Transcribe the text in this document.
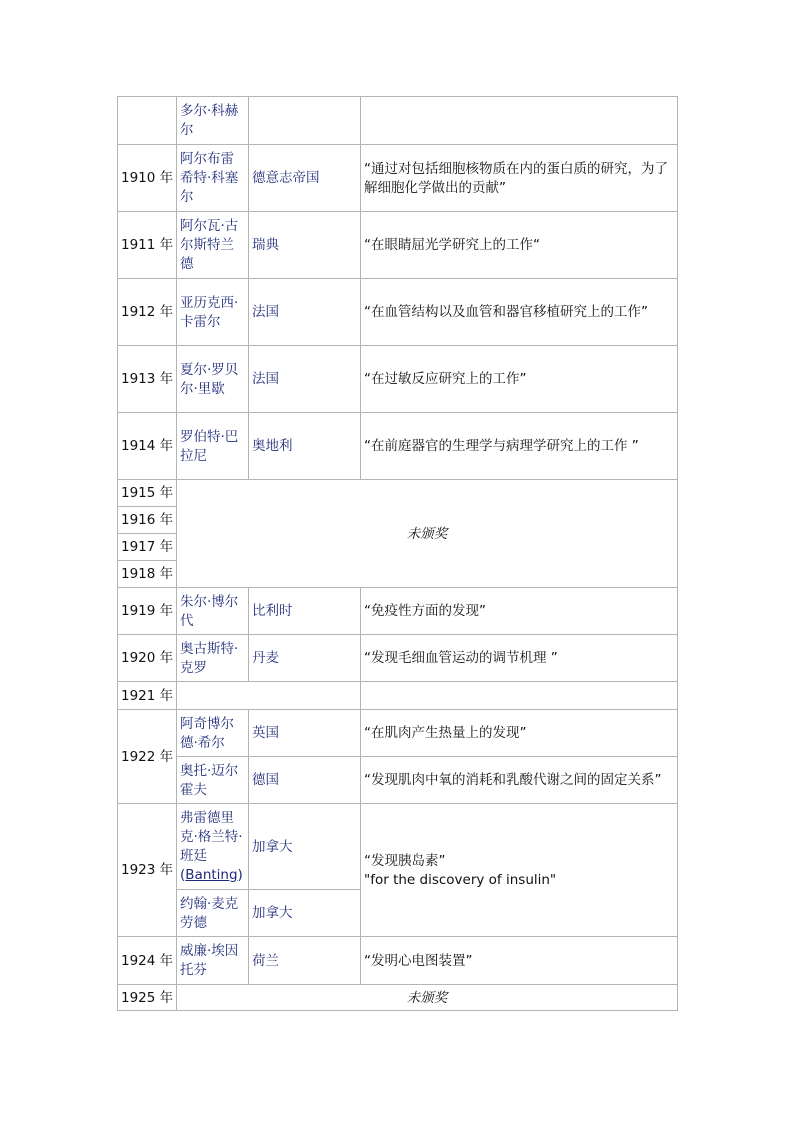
	多尔·科赫尔		
1910 年	阿尔布雷希特·科塞尔	德意志帝国	“通过对包括细胞核物质在内的蛋白质的研究，为了解细胞化学做出的贡献”
1911 年	阿尔瓦·古尔斯特兰德	瑞典	“在眼睛屈光学研究上的工作“
1912 年	亚历克西·卡雷尔	法国	“在血管结构以及血管和器官移植研究上的工作”
1913 年	夏尔·罗贝尔·里歇	法国	“在过敏反应研究上的工作”
1914 年	罗伯特·巴拉尼	奥地利	“在前庭器官的生理学与病理学研究上的工作 ”
1915 年	未颁奖		
1916 年			
1917 年			
1918 年			
1919 年	朱尔·博尔代	比利时	“免疫性方面的发现”
1920 年	奥古斯特·克罗	丹麦	“发现毛细血管运动的调节机理 ”
1921 年			
1922 年	阿奇博尔德·希尔	英国	“在肌肉产生热量上的发现”
	奥托·迈尔霍夫	德国	“发现肌肉中氧的消耗和乳酸代谢之间的固定关系”
1923 年	弗雷德里克·格兰特·班廷(Banting)	加拿大	“发现胰岛素”
"for the discovery of insulin"

	约翰·麦克劳德	加拿大	
1924 年	威廉·埃因托芬	荷兰	“发明心电图装置”
1925 年	未颁奖		
